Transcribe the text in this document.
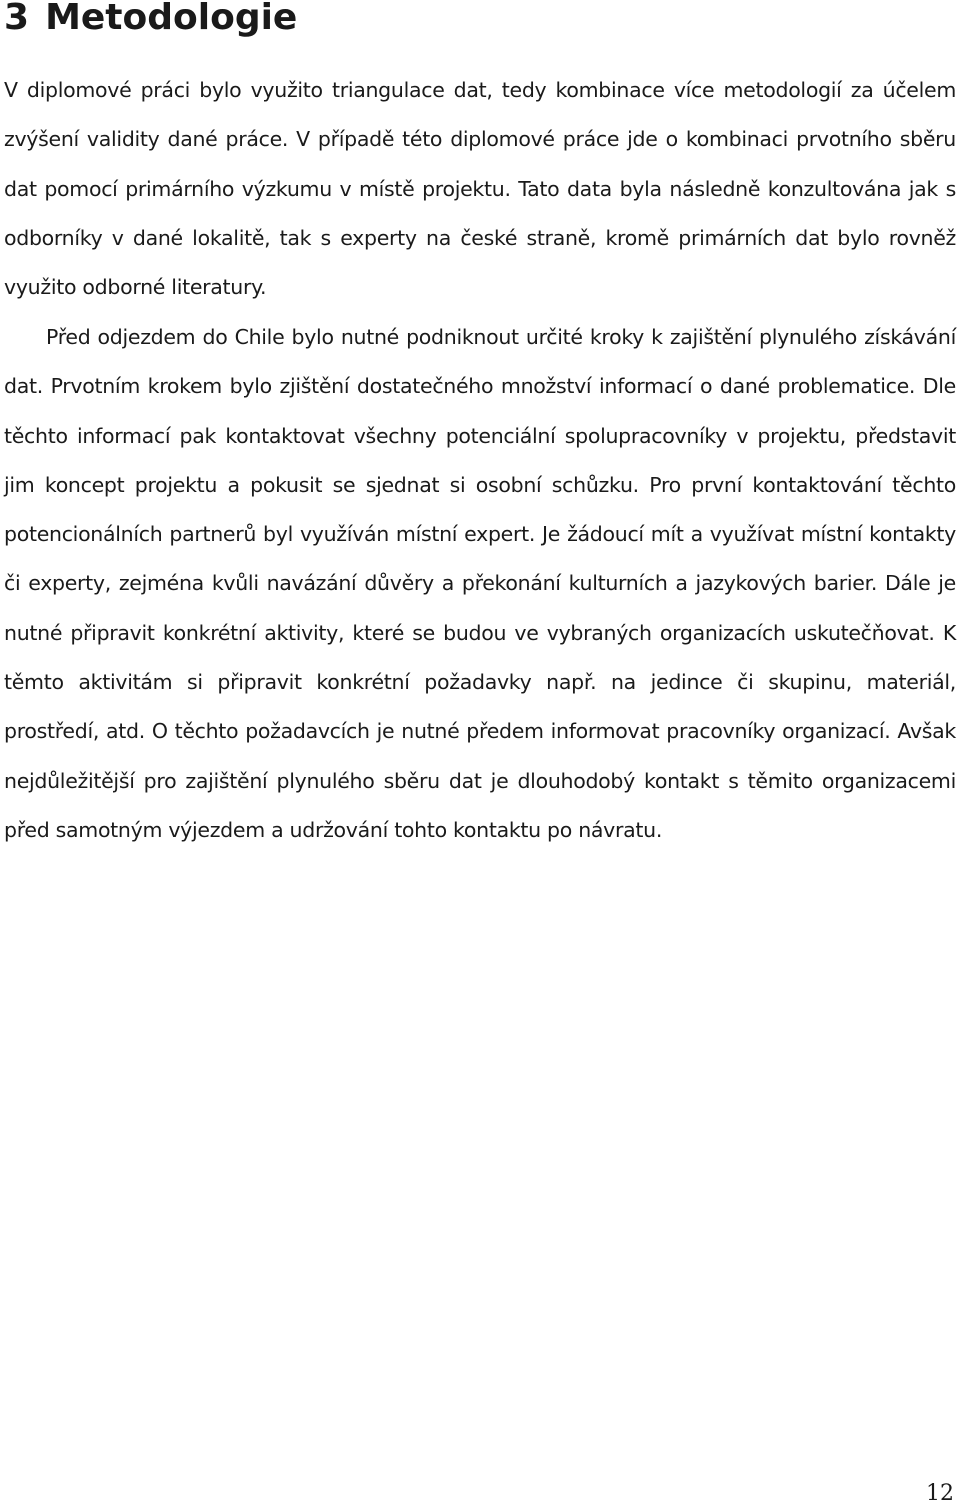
3 Metodologie

V diplomové práci bylo využito triangulace dat, tedy kombinace více metodologií za účelem zvýšení validity dané práce. V případě této diplomové práce jde o kombinaci prvotního sběru dat pomocí primárního výzkumu v místě projektu. Tato data byla následně konzultována jak s odborníky v dané lokalitě, tak s experty na české straně, kromě primárních dat bylo rovněž využito odborné literatury.

Před odjezdem do Chile bylo nutné podniknout určité kroky k zajištění plynulého získávání dat. Prvotním krokem bylo zjištění dostatečného množství informací o dané problematice. Dle těchto informací pak kontaktovat všechny potenciální spolupracovníky v projektu, představit jim koncept projektu a pokusit se sjednat si osobní schůzku. Pro první kontaktování těchto potencionálních partnerů byl využíván místní expert. Je žádoucí mít a využívat místní kontakty či experty, zejména kvůli navázání důvěry a překonání kulturních a jazykových barier. Dále je nutné připravit konkrétní aktivity, které se budou ve vybraných organizacích uskutečňovat. K těmto aktivitám si připravit konkrétní požadavky např. na jedince či skupinu, materiál, prostředí, atd. O těchto požadavcích je nutné předem informovat pracovníky organizací. Avšak nejdůležitější pro zajištění plynulého sběru dat je dlouhodobý kontakt s těmito organizacemi před samotným výjezdem a udržování tohto kontaktu po návratu.

12
